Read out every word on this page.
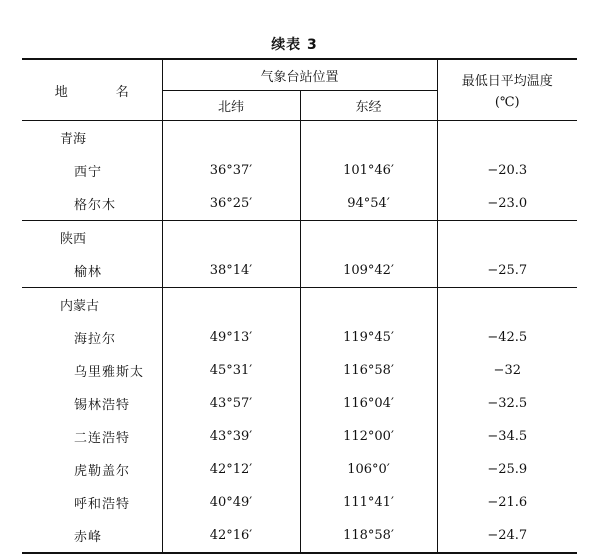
续表 3
地 名	气象台站位置		最低日平均温度
(℃)

	北纬	东经	
青海			
西宁	36°37′	101°46′	−20.3
格尔木	36°25′	94°54′	−23.0
陕西			
榆林	38°14′	109°42′	−25.7
内蒙古			
海拉尔	49°13′	119°45′	−42.5
乌里雅斯太	45°31′	116°58′	−32
锡林浩特	43°57′	116°04′	−32.5
二连浩特	43°39′	112°00′	−34.5
虎勒盖尔	42°12′	106°0′	−25.9
呼和浩特	40°49′	111°41′	−21.6
赤峰	42°16′	118°58′	−24.7
